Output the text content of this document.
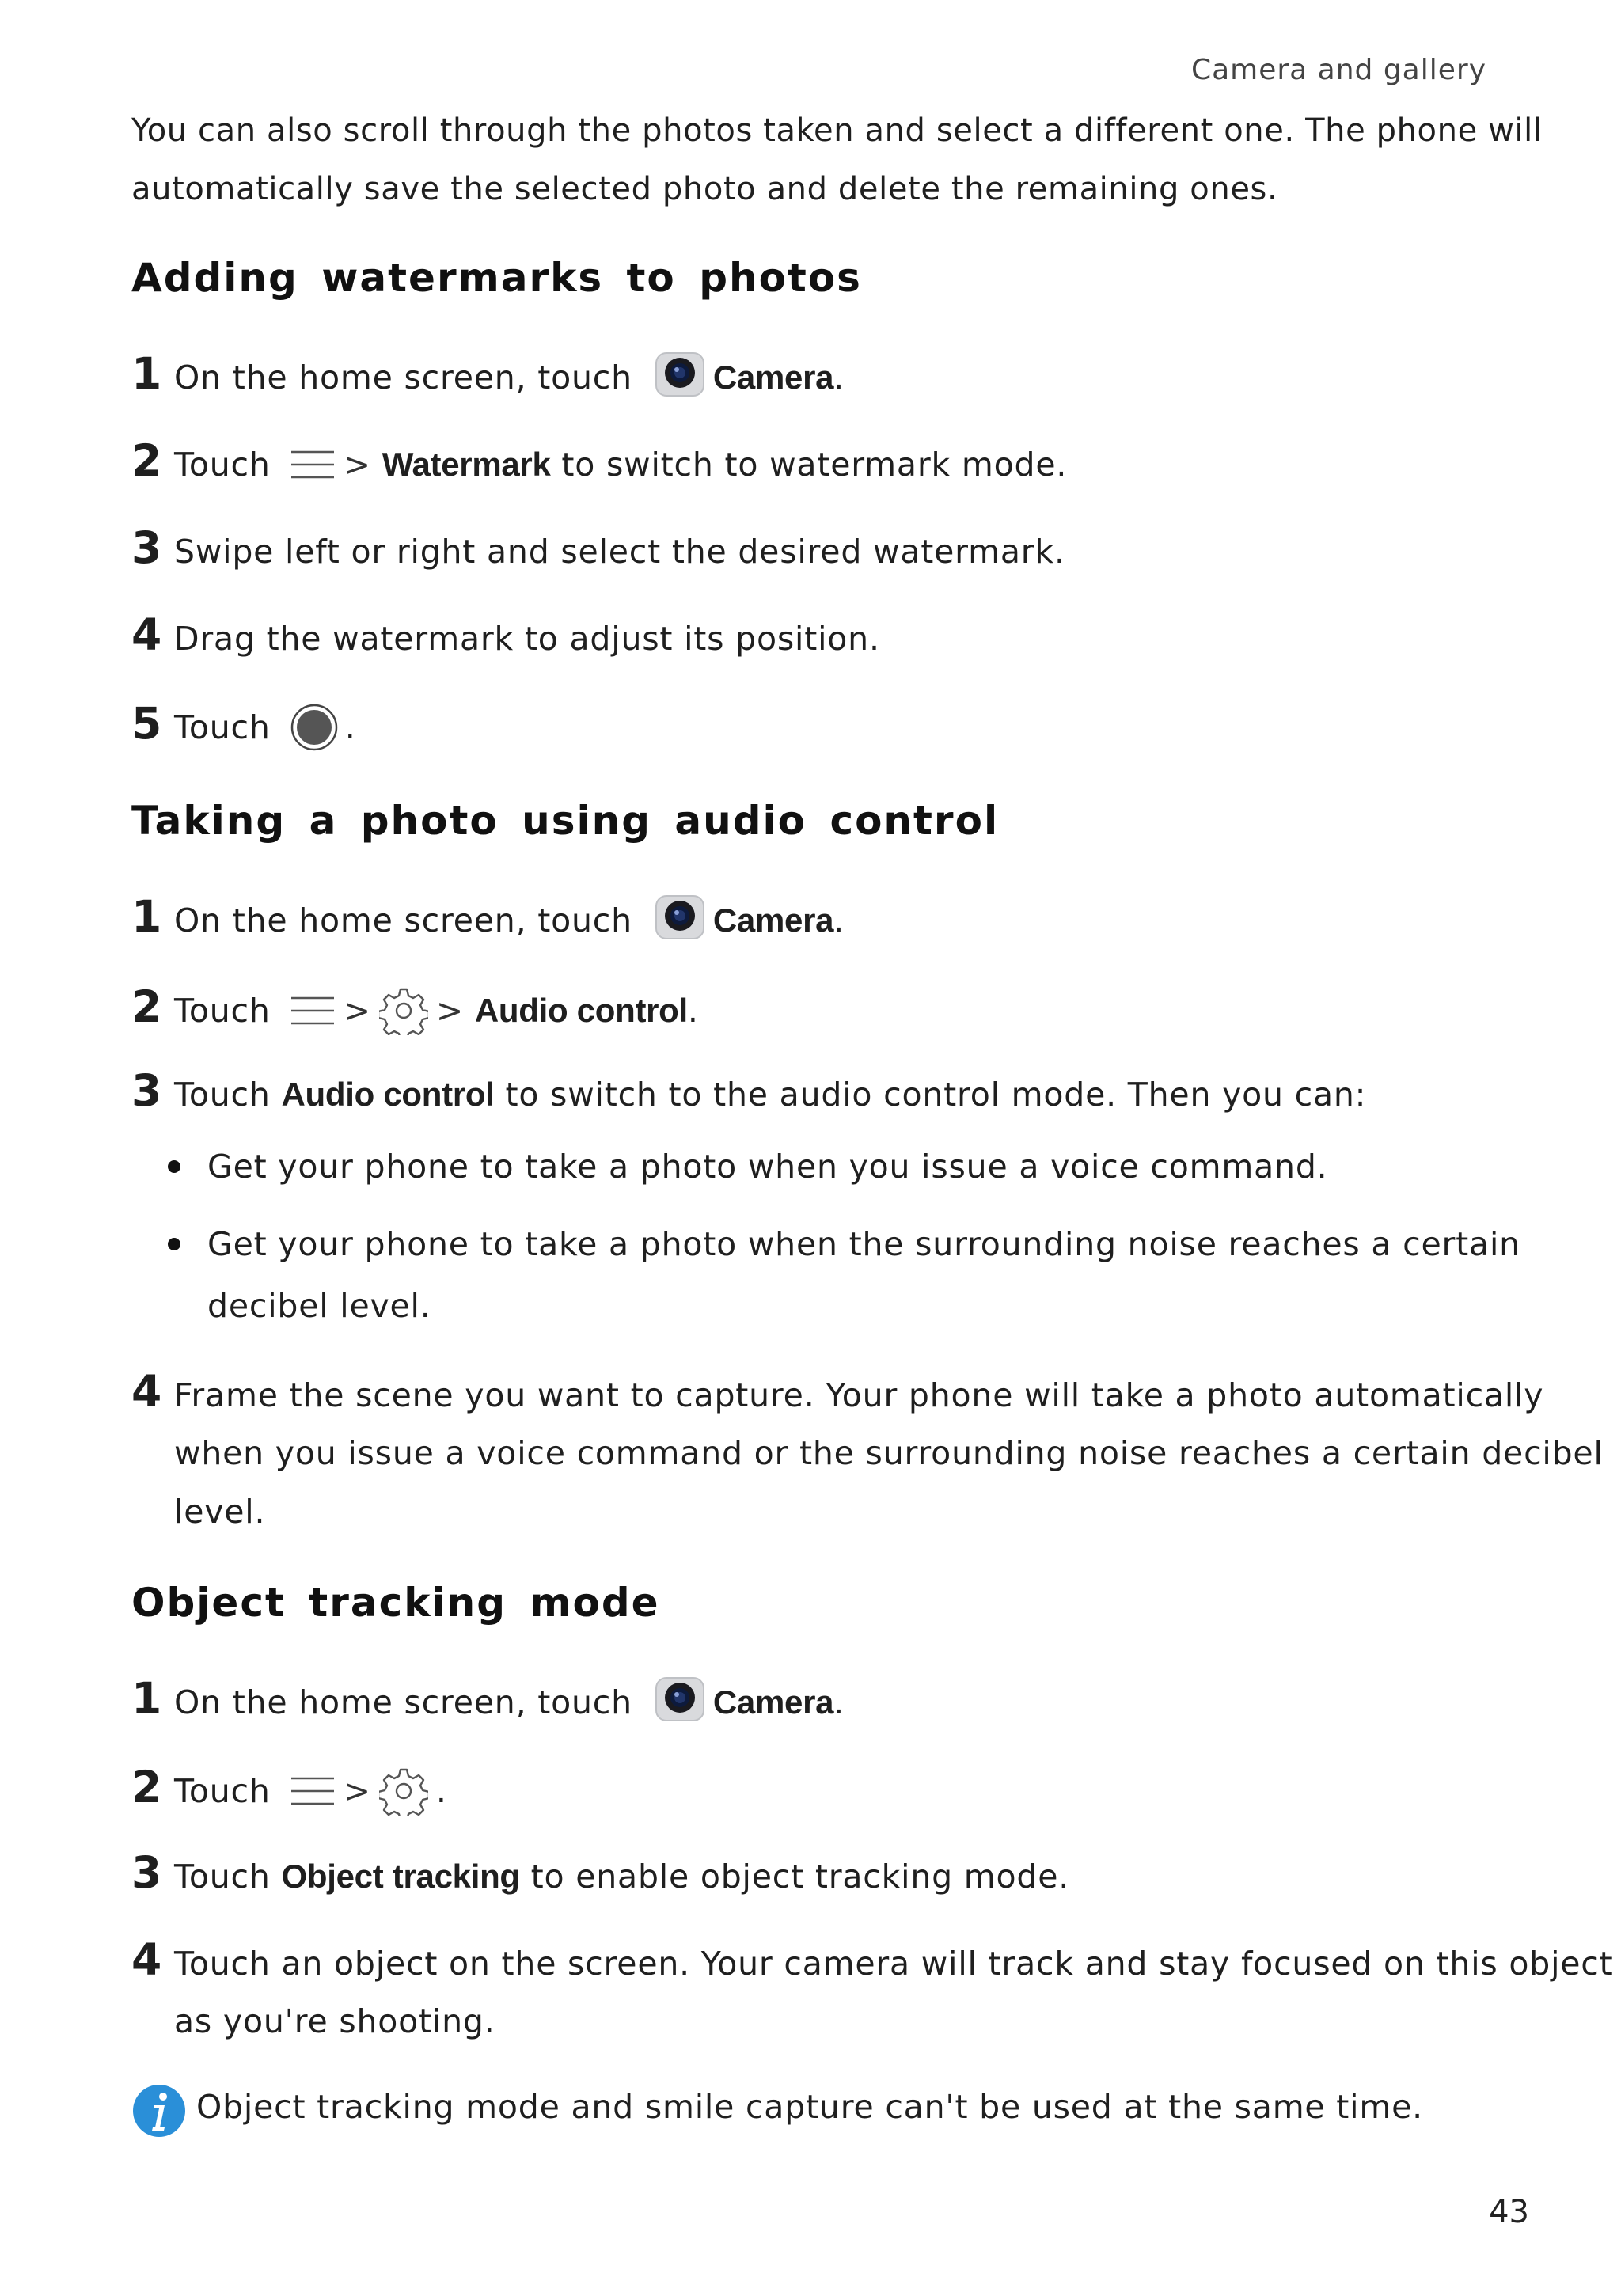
Camera and gallery
You can also scroll through the photos taken and select a different one. The phone will
automatically save the selected photo and delete the remaining ones.
Adding watermarks to photos
1 On the home screen, touch Camera .
2 Touch >
Watermark
to switch to watermark mode.
3 Swipe left or right and select the desired watermark.
4 Drag the watermark to adjust its position.
5 Touch .
Taking a photo using audio control
1 On the home screen, touch Camera .
2 Touch > >
Audio control .
3 Touch
Audio control
to switch to the audio control mode. Then you can:
Get your phone to take a photo when you issue a voice command.
Get your phone to take a photo when the surrounding noise reaches a certain
decibel level.
4 Frame the scene you want to capture. Your phone will take a photo automatically
when you issue a voice command or the surrounding noise reaches a certain decibel
level.
Object tracking mode
1 On the home screen, touch Camera .
2 Touch > .
3 Touch
Object tracking
to enable object tracking mode.
4 Touch an object on the screen. Your camera will track and stay focused on this object
as you're shooting.
Object tracking mode and smile capture can't be used at the same time.
43
